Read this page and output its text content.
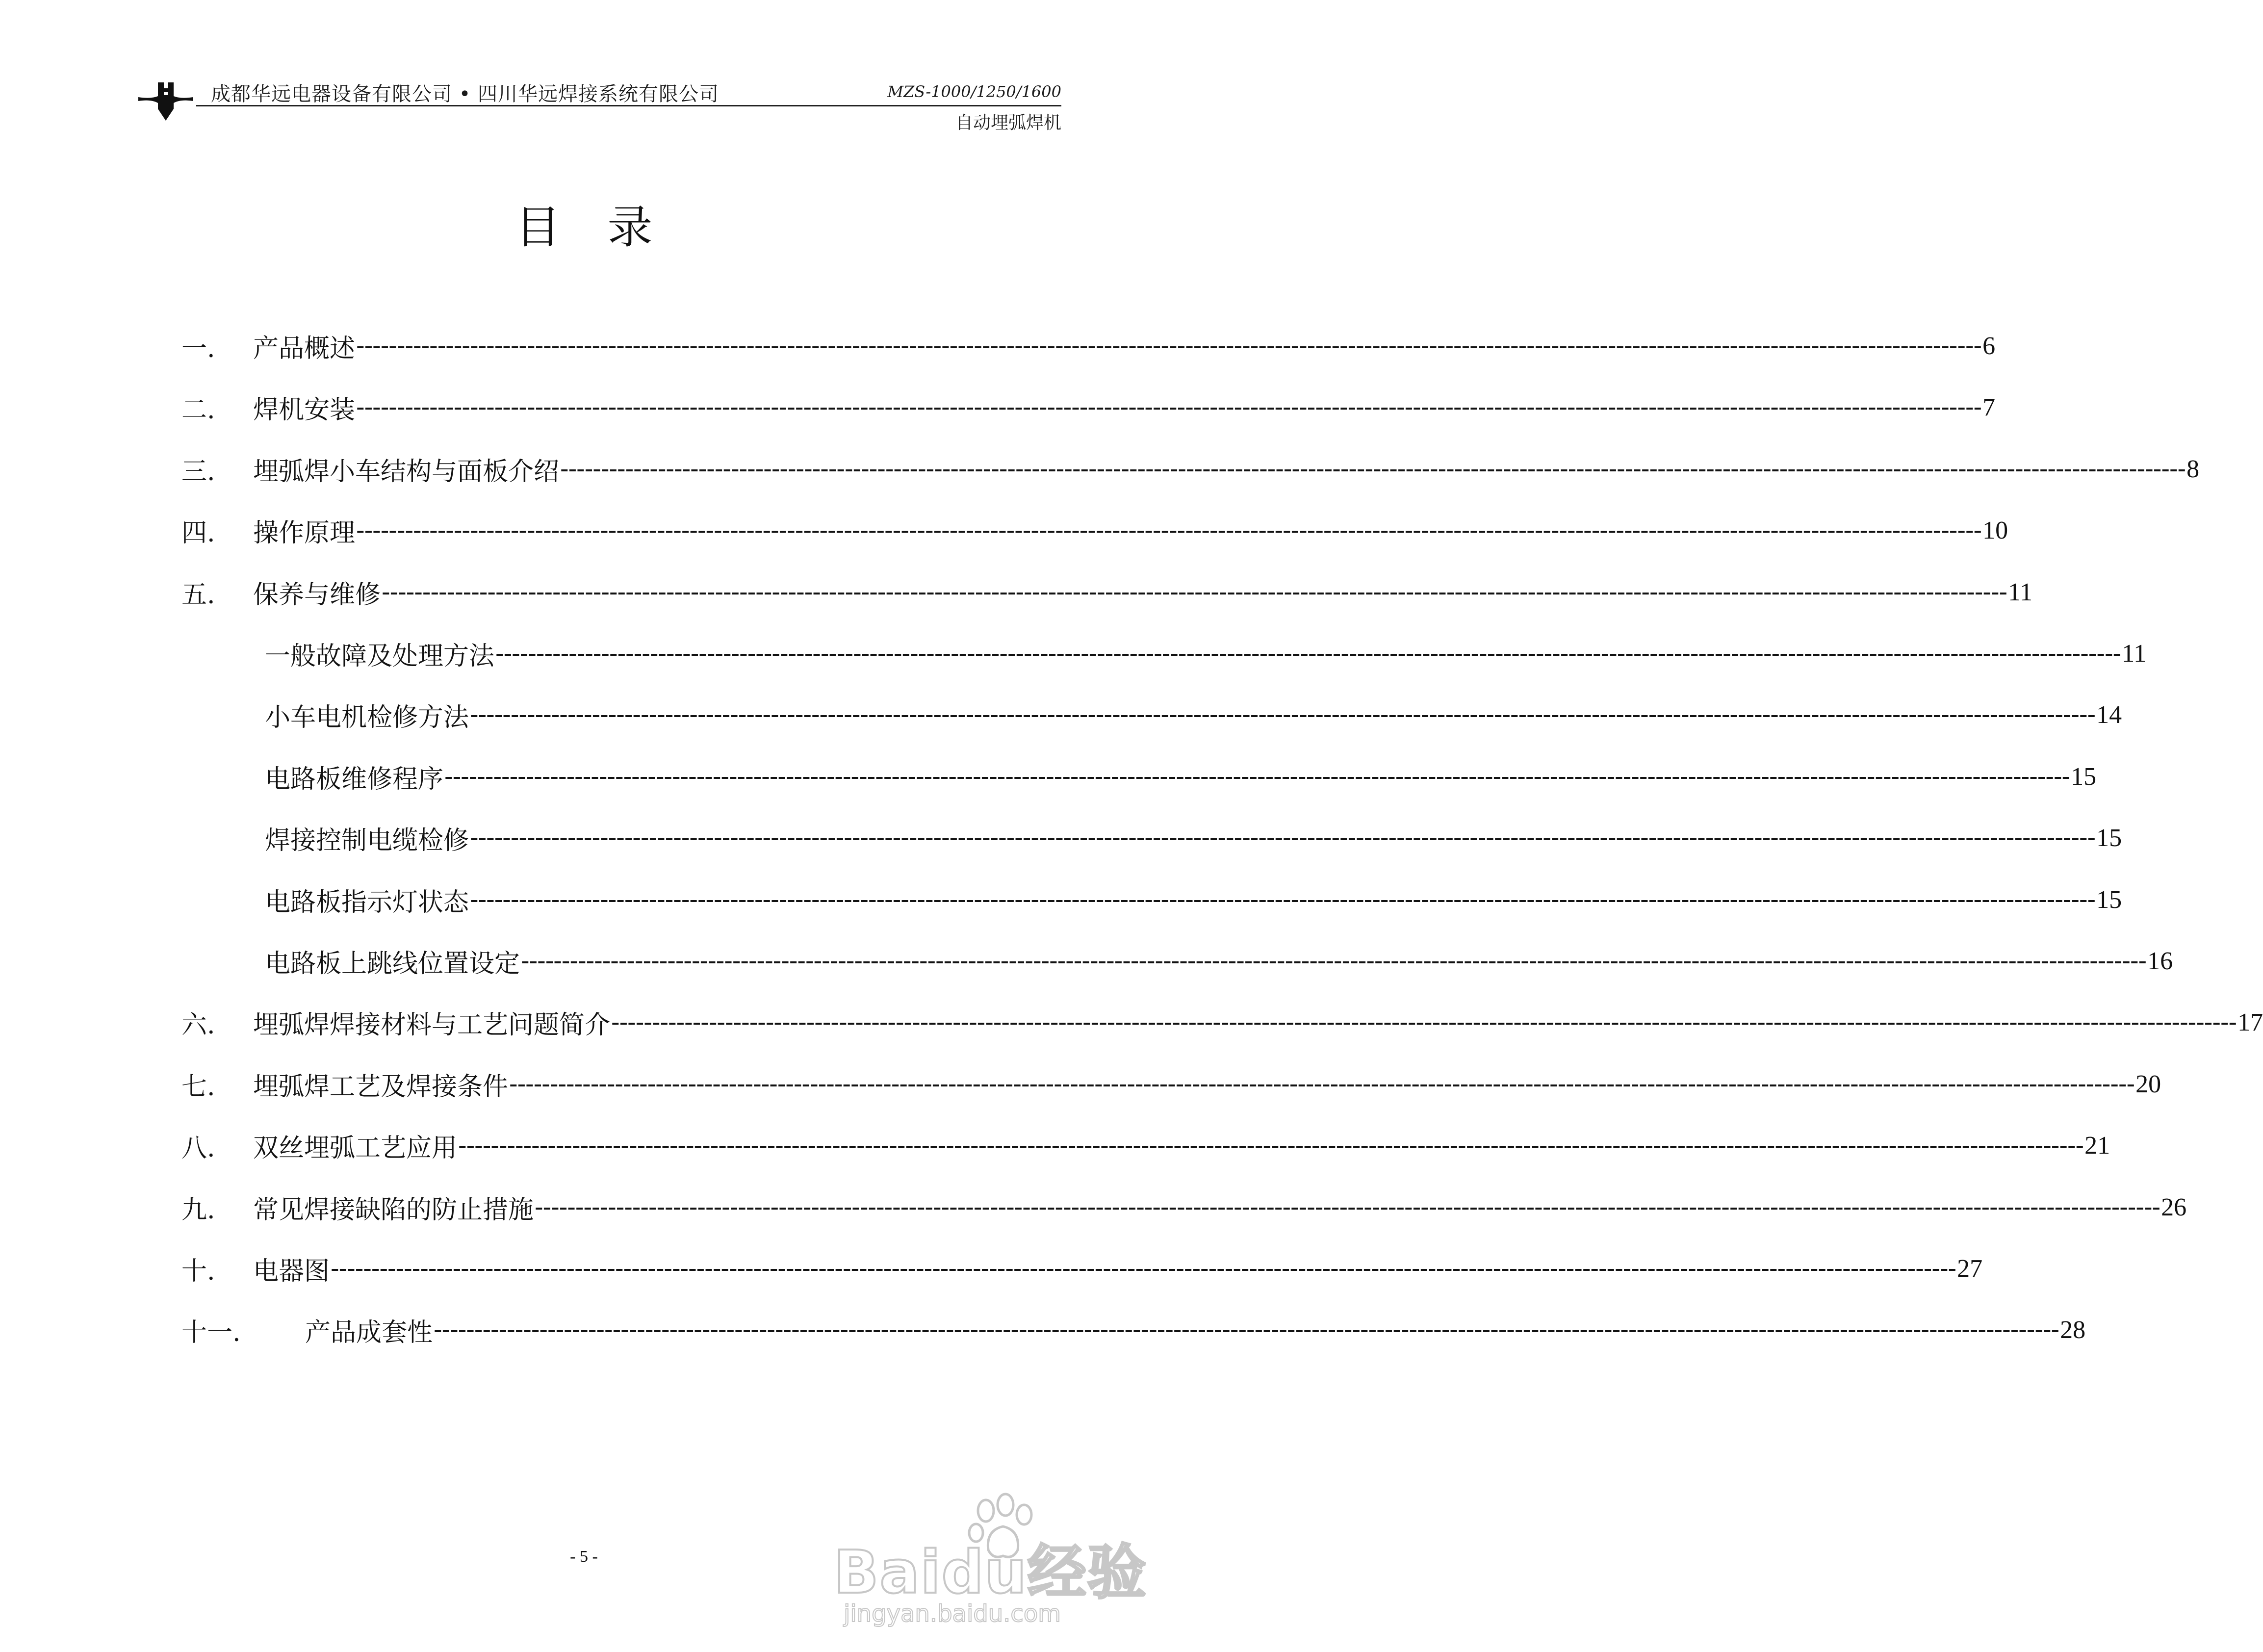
成都华远电器设备有限公司 • 四川华远焊接系统有限公司	MZS-1000/1250/1600
自动埋弧焊机
目录
一.	产品概述 -------------------------------------------------------------------------------------------------------------------------------------------------------------------------------------------------------- 6
二.	焊机安装 -------------------------------------------------------------------------------------------------------------------------------------------------------------------------------------------------------- 7
三.	埋弧焊小车结构与面板介绍 -------------------------------------------------------------------------------------------------------------------------------------------------------------------------------------------------------- 8
四.	操作原理 -------------------------------------------------------------------------------------------------------------------------------------------------------------------------------------------------------- 10
五.	保养与维修 -------------------------------------------------------------------------------------------------------------------------------------------------------------------------------------------------------- 11
一般故障及处理方法 -------------------------------------------------------------------------------------------------------------------------------------------------------------------------------------------------------- 11
小车电机检修方法 -------------------------------------------------------------------------------------------------------------------------------------------------------------------------------------------------------- 14
电路板维修程序 -------------------------------------------------------------------------------------------------------------------------------------------------------------------------------------------------------- 15
焊接控制电缆检修 -------------------------------------------------------------------------------------------------------------------------------------------------------------------------------------------------------- 15
电路板指示灯状态 -------------------------------------------------------------------------------------------------------------------------------------------------------------------------------------------------------- 15
电路板上跳线位置设定 -------------------------------------------------------------------------------------------------------------------------------------------------------------------------------------------------------- 16
六.	埋弧焊焊接材料与工艺问题简介 -------------------------------------------------------------------------------------------------------------------------------------------------------------------------------------------------------- 17
七.	埋弧焊工艺及焊接条件 -------------------------------------------------------------------------------------------------------------------------------------------------------------------------------------------------------- 20
八.	双丝埋弧工艺应用 -------------------------------------------------------------------------------------------------------------------------------------------------------------------------------------------------------- 21
九.	常见焊接缺陷的防止措施 -------------------------------------------------------------------------------------------------------------------------------------------------------------------------------------------------------- 26
十.	电器图 -------------------------------------------------------------------------------------------------------------------------------------------------------------------------------------------------------- 27
十一.	产品成套性 -------------------------------------------------------------------------------------------------------------------------------------------------------------------------------------------------------- 28
- 5 -	Baidu经验
jingyan.baidu.com
